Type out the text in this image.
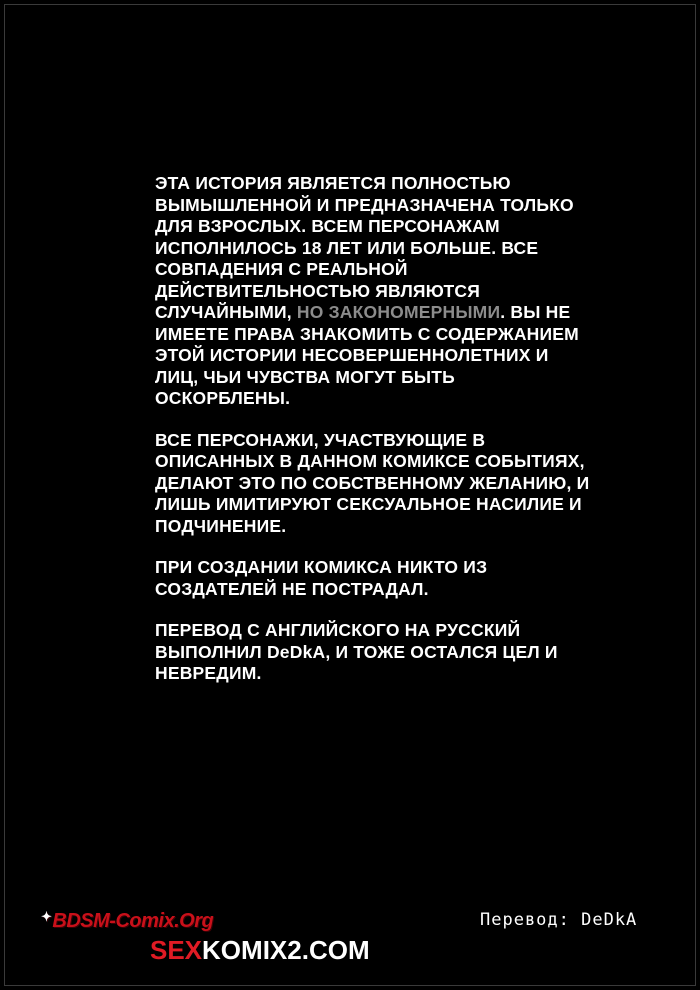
ЭТА ИСТОРИЯ ЯВЛЯЕТСЯ ПОЛНОСТЬЮ ВЫМЫШЛЕННОЙ И ПРЕДНАЗНАЧЕНА ТОЛЬКО ДЛЯ ВЗРОСЛЫХ. ВСЕМ ПЕРСОНАЖАМ ИСПОЛНИЛОСЬ 18 ЛЕТ ИЛИ БОЛЬШЕ. ВСЕ СОВПАДЕНИЯ С РЕАЛЬНОЙ ДЕЙСТВИТЕЛЬНОСТЬЮ ЯВЛЯЮТСЯ СЛУЧАЙНЫМИ, НО ЗАКОНОМЕРНЫМИ. ВЫ НЕ ИМЕЕТЕ ПРАВА ЗНАКОМИТЬ С СОДЕРЖАНИЕМ ЭТОЙ ИСТОРИИ НЕСОВЕРШЕННОЛЕТНИХ И ЛИЦ, ЧЬИ ЧУВСТВА МОГУТ БЫТЬ ОСКОРБЛЕНЫ.

ВСЕ ПЕРСОНАЖИ, УЧАСТВУЮЩИЕ В ОПИСАННЫХ В ДАННОМ КОМИКСЕ СОБЫТИЯХ, ДЕЛАЮТ ЭТО ПО СОБСТВЕННОМУ ЖЕЛАНИЮ, И ЛИШЬ ИМИТИРУЮТ СЕКСУАЛЬНОЕ НАСИЛИЕ И ПОДЧИНЕНИЕ.

ПРИ СОЗДАНИИ КОМИКСА НИКТО ИЗ СОЗДАТЕЛЕЙ НЕ ПОСТРАДАЛ.

ПЕРЕВОД С АНГЛИЙСКОГО НА РУССКИЙ ВЫПОЛНИЛ DeDkA, И ТОЖЕ ОСТАЛСЯ ЦЕЛ И НЕВРЕДИМ.

✦BDSM-Comix.Org
SEXKOMIX2.COM
Перевод: DeDkA
